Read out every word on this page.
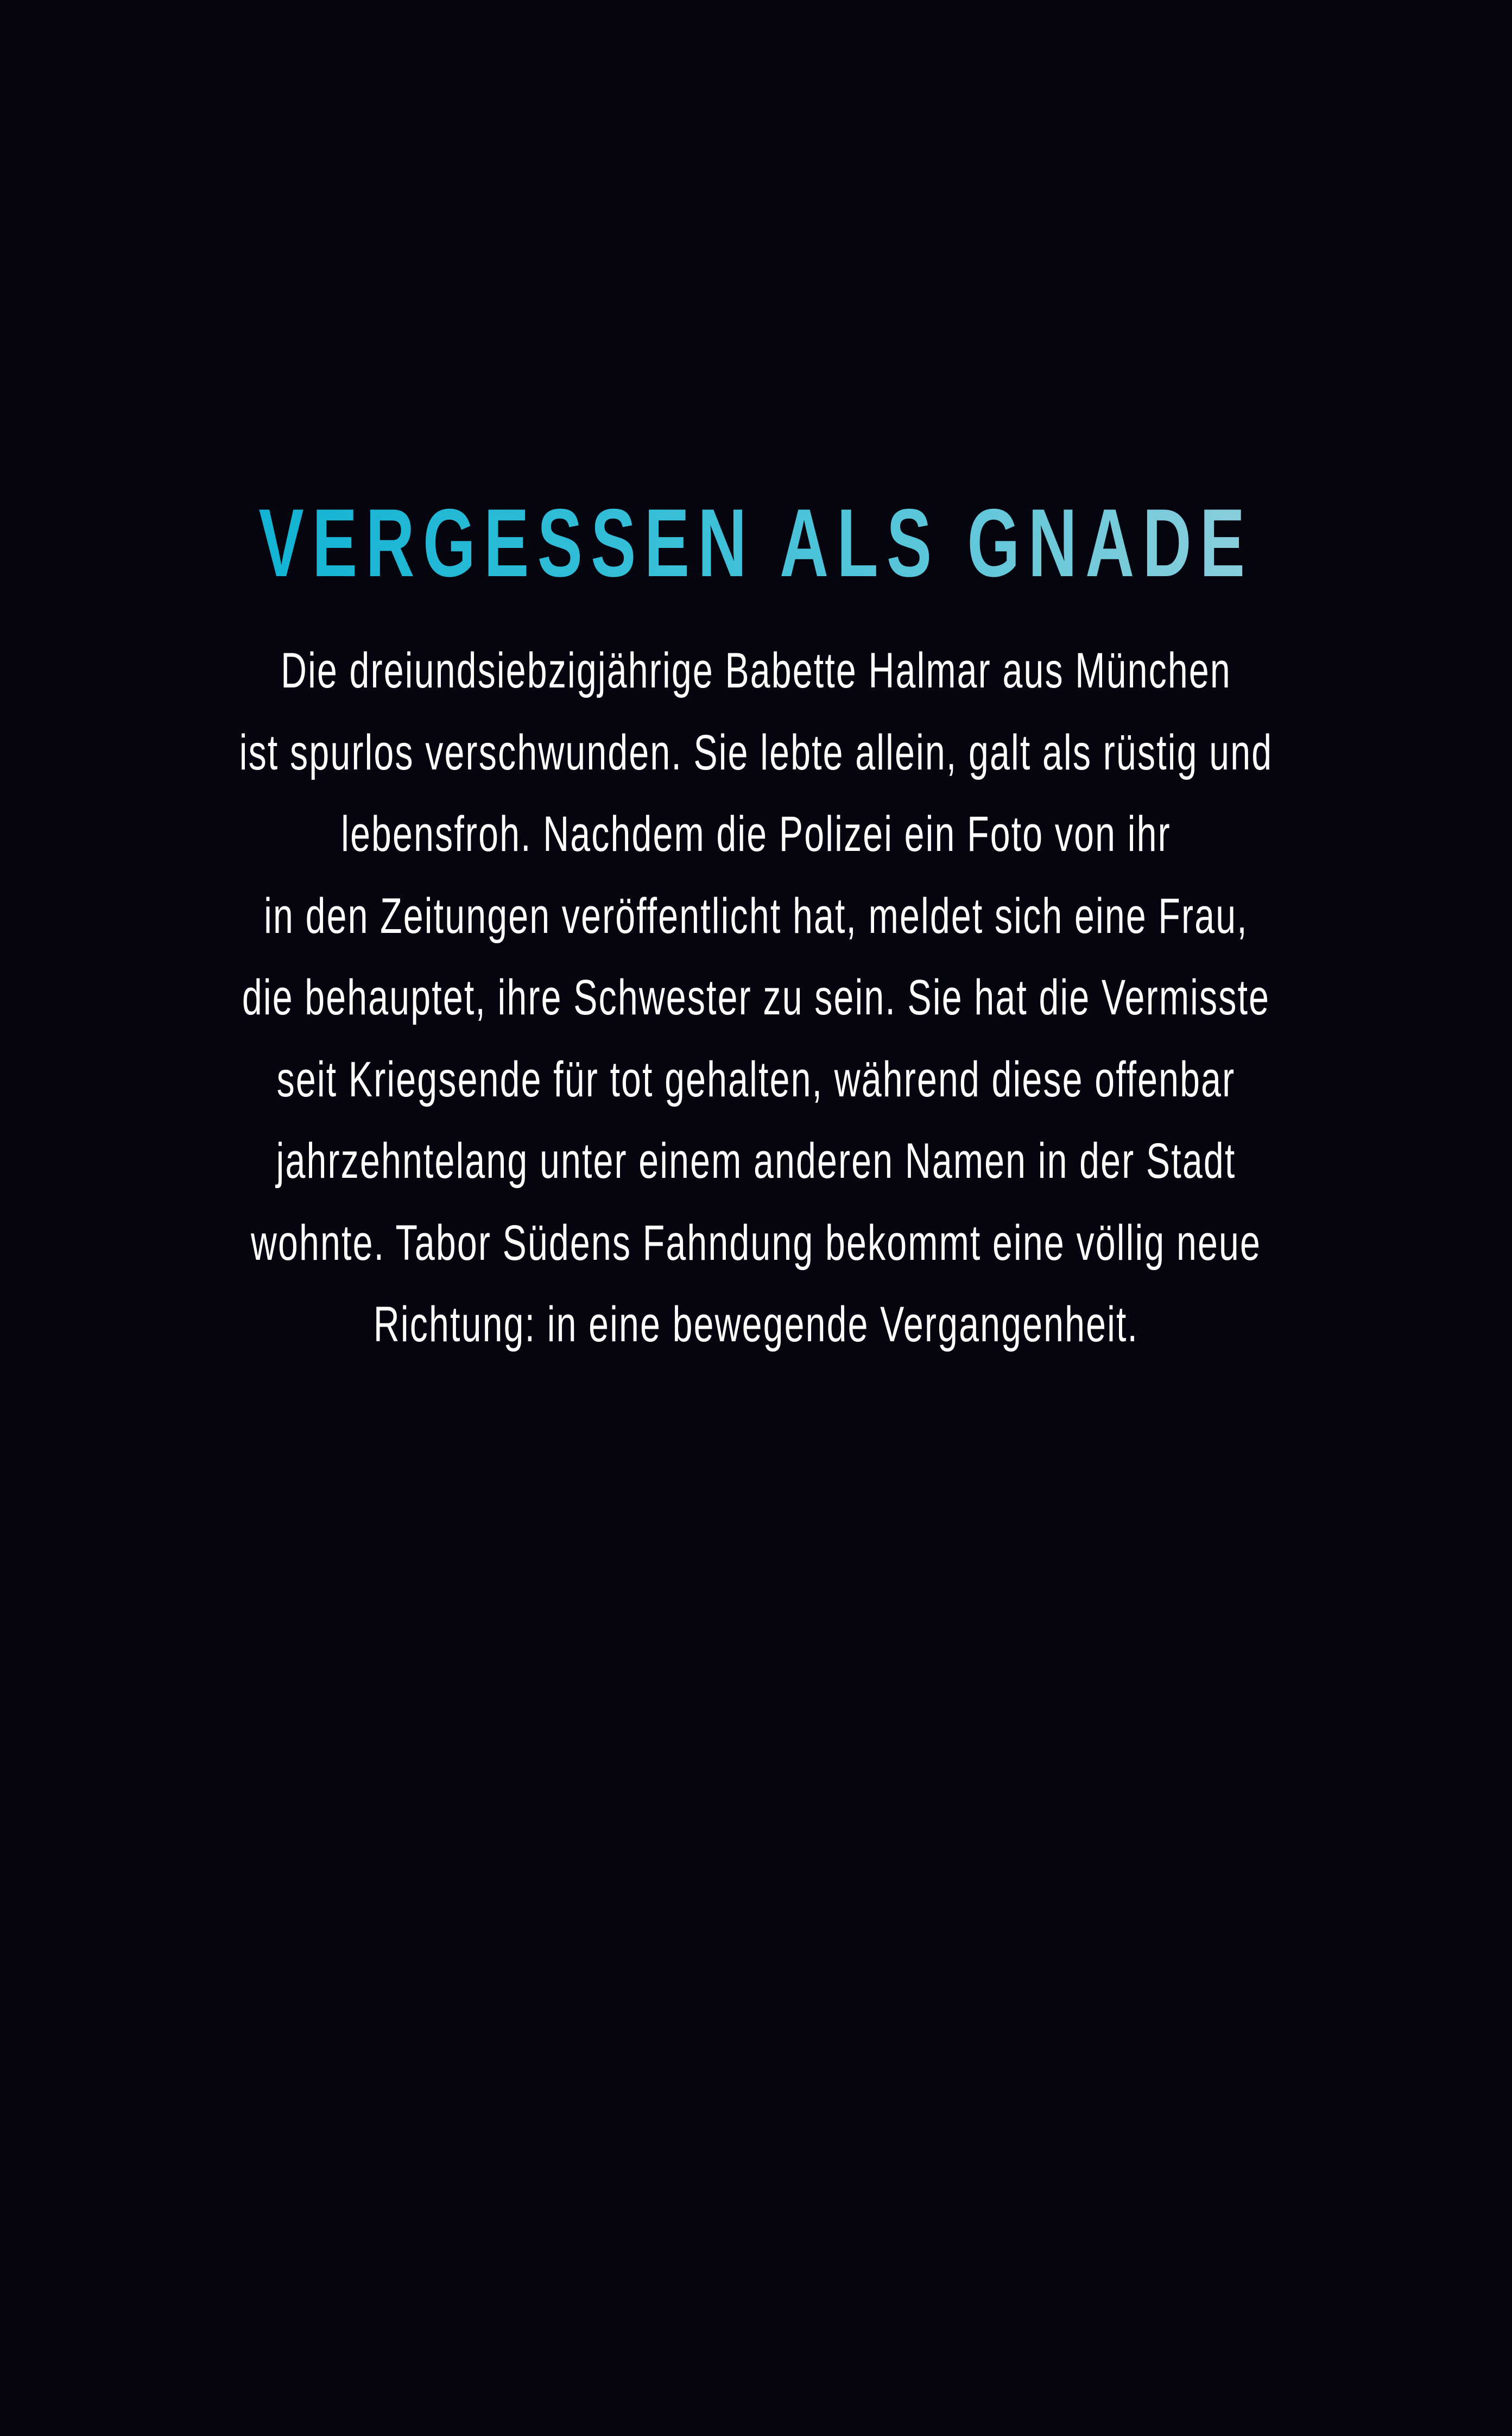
VERGESSEN ALS GNADE
Die dreiundsiebzigjährige Babette Halmar aus München
ist spurlos verschwunden. Sie lebte allein, galt als rüstig und
lebensfroh. Nachdem die Polizei ein Foto von ihr
in den Zeitungen veröffentlicht hat, meldet sich eine Frau,
die behauptet, ihre Schwester zu sein. Sie hat die Vermisste
seit Kriegsende für tot gehalten, während diese offenbar
jahrzehntelang unter einem anderen Namen in der Stadt
wohnte. Tabor Südens Fahndung bekommt eine völlig neue
Richtung: in eine bewegende Vergangenheit.
